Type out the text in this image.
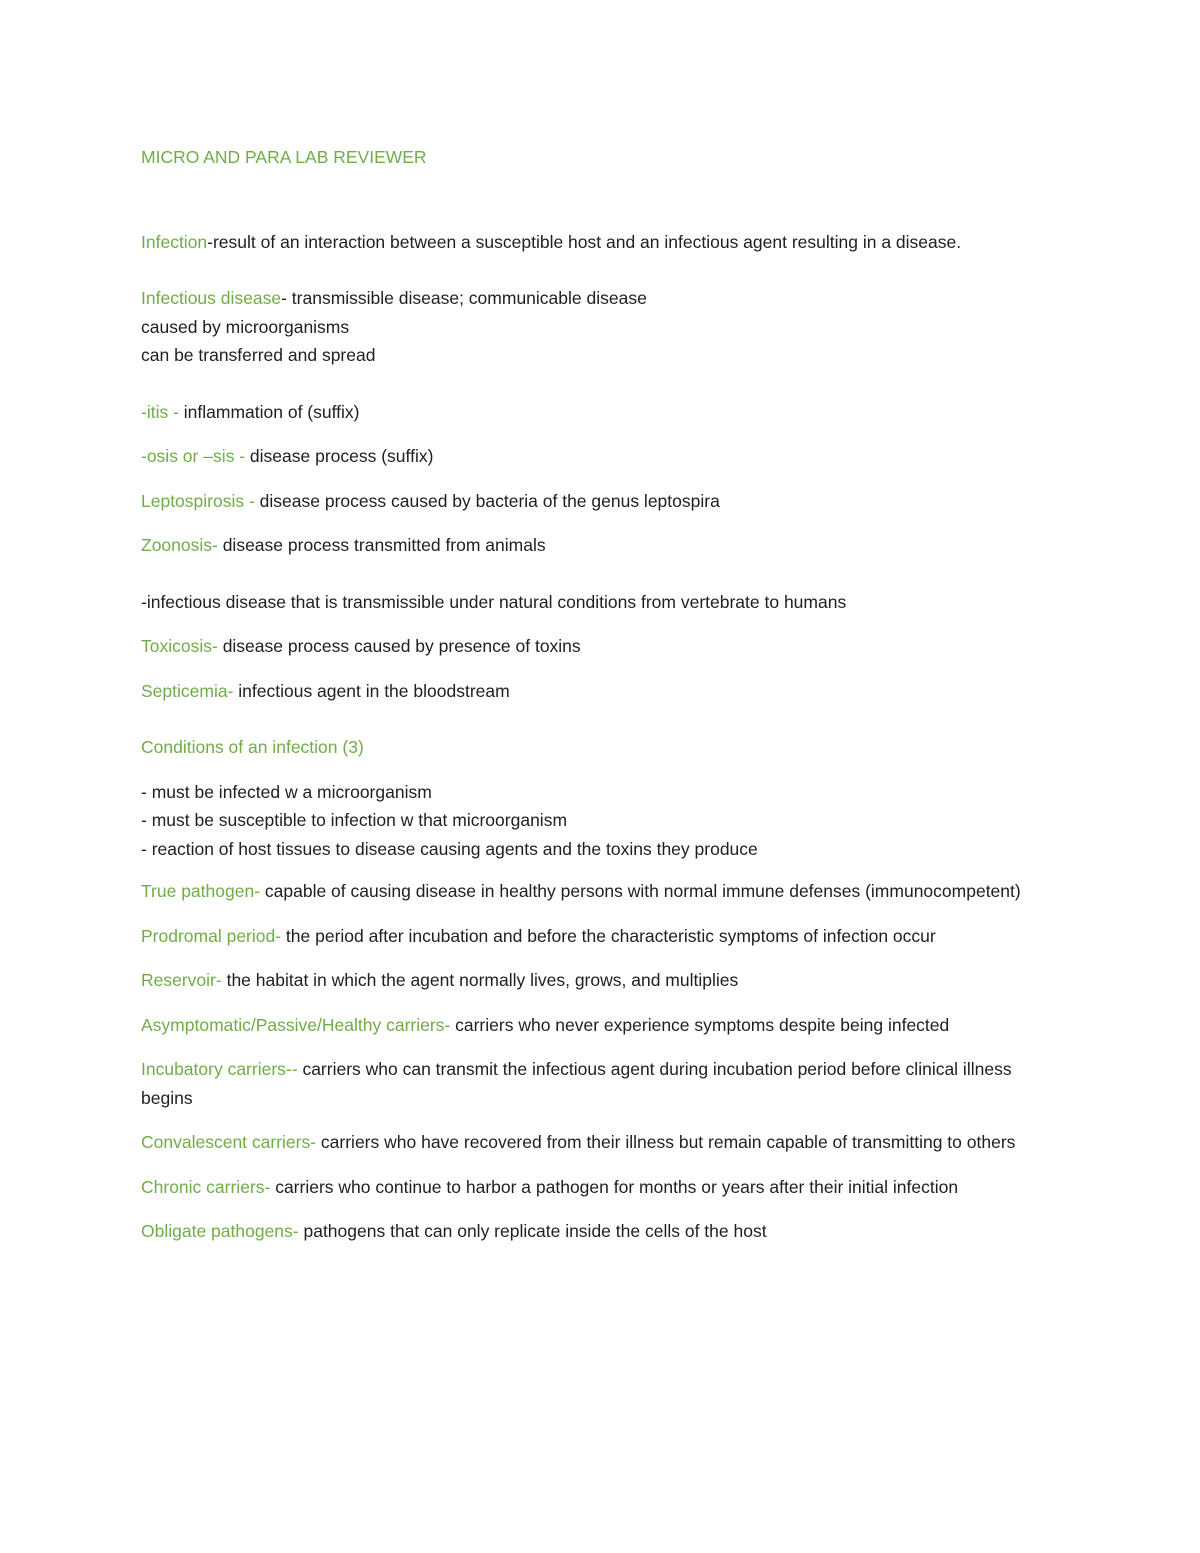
MICRO AND PARA LAB REVIEWER

Infection-result of an interaction between a susceptible host and an infectious agent resulting in a disease.

Infectious disease- transmissible disease; communicable disease
caused by microorganisms
can be transferred and spread

-itis - inflammation of (suffix)

-osis or –sis - disease process (suffix)

Leptospirosis - disease process caused by bacteria of the genus leptospira

Zoonosis- disease process transmitted from animals

-infectious disease that is transmissible under natural conditions from vertebrate to humans

Toxicosis- disease process caused by presence of toxins

Septicemia- infectious agent in the bloodstream

Conditions of an infection (3)

- must be infected w a microorganism
- must be susceptible to infection w that microorganism
- reaction of host tissues to disease causing agents and the toxins they produce

True pathogen- capable of causing disease in healthy persons with normal immune defenses (immunocompetent)

Prodromal period- the period after incubation and before the characteristic symptoms of infection occur

Reservoir- the habitat in which the agent normally lives, grows, and multiplies

Asymptomatic/Passive/Healthy carriers- carriers who never experience symptoms despite being infected

Incubatory carriers-- carriers who can transmit the infectious agent during incubation period before clinical illness begins

Convalescent carriers- carriers who have recovered from their illness but remain capable of transmitting to others

Chronic carriers- carriers who continue to harbor a pathogen for months or years after their initial infection

Obligate pathogens- pathogens that can only replicate inside the cells of the host
